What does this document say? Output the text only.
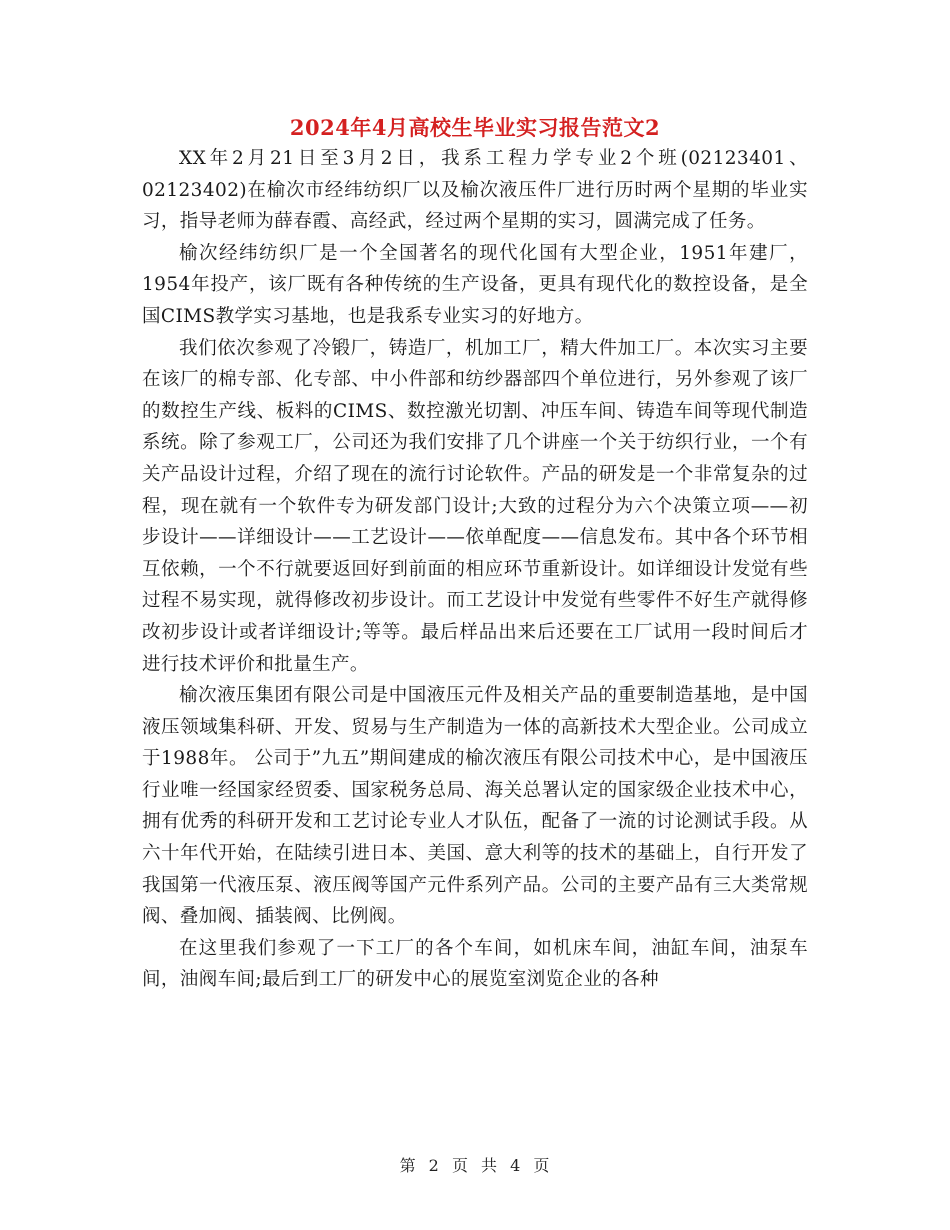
2024年4月高校生毕业实习报告范文2

XX年2月21日至3月2日，我系工程力学专业2个班(02123401、02123402)在榆次市经纬纺织厂以及榆次液压件厂进行历时两个星期的毕业实习，指导老师为薛春霞、高经武，经过两个星期的实习，圆满完成了任务。

榆次经纬纺织厂是一个全国著名的现代化国有大型企业，1951年建厂，1954年投产，该厂既有各种传统的生产设备，更具有现代化的数控设备，是全国CIMS教学实习基地，也是我系专业实习的好地方。

我们依次参观了冷锻厂，铸造厂，机加工厂，精大件加工厂。本次实习主要在该厂的棉专部、化专部、中小件部和纺纱器部四个单位进行，另外参观了该厂的数控生产线、板料的CIMS、数控激光切割、冲压车间、铸造车间等现代制造系统。除了参观工厂，公司还为我们安排了几个讲座一个关于纺织行业，一个有关产品设计过程，介绍了现在的流行讨论软件。产品的研发是一个非常复杂的过程，现在就有一个软件专为研发部门设计;大致的过程分为六个决策立项——初步设计——详细设计——工艺设计——依单配度——信息发布。其中各个环节相互依赖，一个不行就要返回好到前面的相应环节重新设计。如详细设计发觉有些过程不易实现，就得修改初步设计。而工艺设计中发觉有些零件不好生产就得修改初步设计或者详细设计;等等。最后样品出来后还要在工厂试用一段时间后才进行技术评价和批量生产。

榆次液压集团有限公司是中国液压元件及相关产品的重要制造基地，是中国液压领域集科研、开发、贸易与生产制造为一体的高新技术大型企业。公司成立于1988年。 公司于”九五”期间建成的榆次液压有限公司技术中心，是中国液压行业唯一经国家经贸委、国家税务总局、海关总署认定的国家级企业技术中心，拥有优秀的科研开发和工艺讨论专业人才队伍，配备了一流的讨论测试手段。从六十年代开始，在陆续引进日本、美国、意大利等的技术的基础上，自行开发了我国第一代液压泵、液压阀等国产元件系列产品。公司的主要产品有三大类常规阀、叠加阀、插装阀、比例阀。

在这里我们参观了一下工厂的各个车间，如机床车间，油缸车间，油泵车间，油阀车间;最后到工厂的研发中心的展览室浏览企业的各种

第 2 页 共 4 页
